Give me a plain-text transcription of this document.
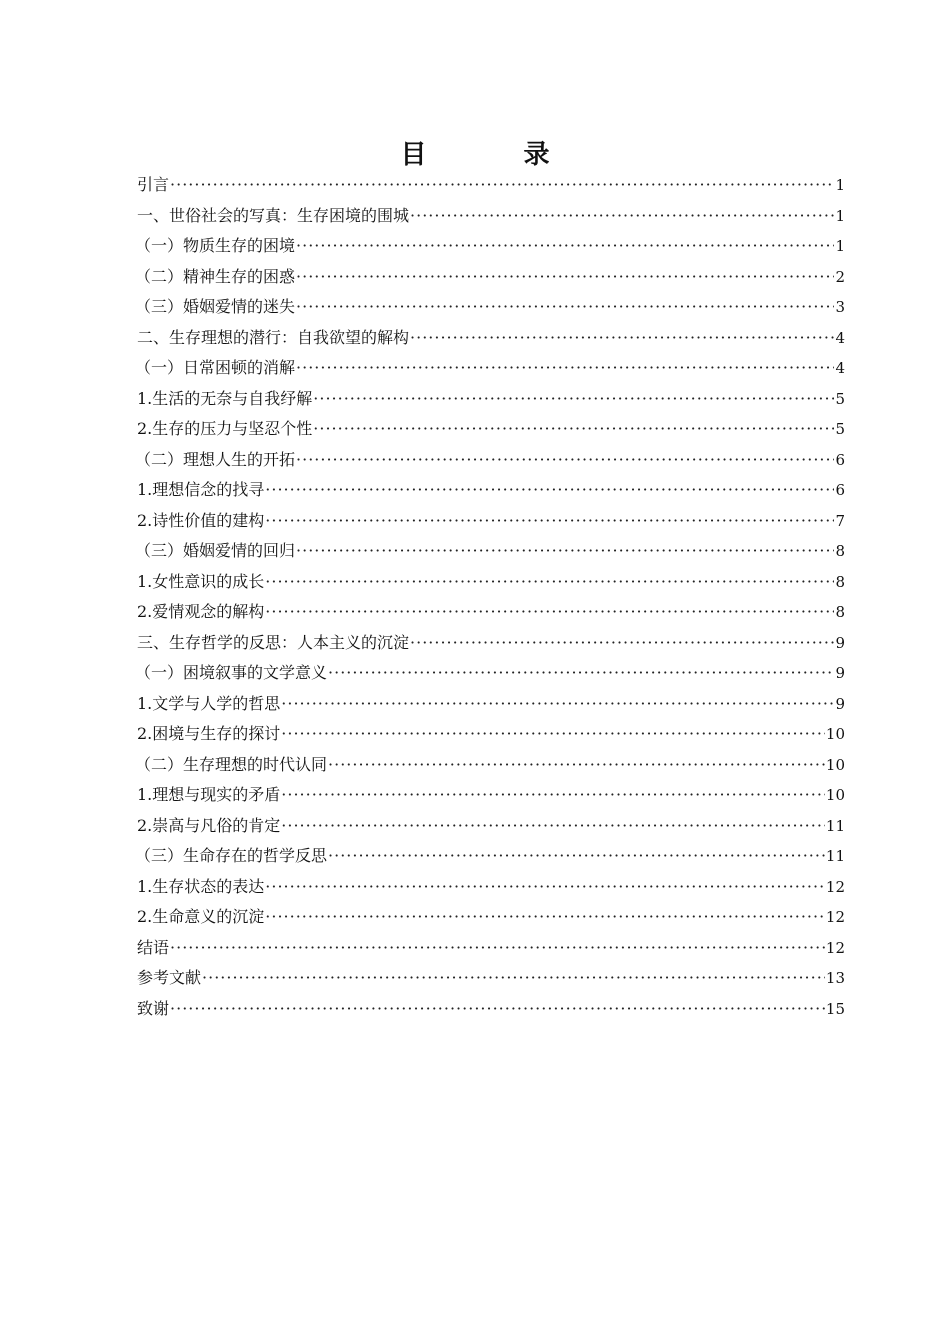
目 录
引言 ·····	1
一、世俗社会的写真：生存困境的围城 ·····	1
（一）物质生存的困境 ·····	1
（二）精神生存的困惑 ·····	2
（三）婚姻爱情的迷失 ·····	3
二、生存理想的潜行：自我欲望的解构 ·····	4
（一）日常困顿的消解 ·····	4
1.生活的无奈与自我纾解 ·····	5
2.生存的压力与坚忍个性 ·····	5
（二）理想人生的开拓 ·····	6
1.理想信念的找寻 ·····	6
2.诗性价值的建构 ·····	7
（三）婚姻爱情的回归 ·····	8
1.女性意识的成长 ·····	8
2.爱情观念的解构 ·····	8
三、生存哲学的反思：人本主义的沉淀 ·····	9
（一）困境叙事的文学意义 ·····	9
1.文学与人学的哲思 ·····	9
2.困境与生存的探讨 ·····	10
（二）生存理想的时代认同 ·····	10
1.理想与现实的矛盾 ·····	10
2.崇高与凡俗的肯定 ·····	11
（三）生命存在的哲学反思 ·····	11
1.生存状态的表达 ·····	12
2.生命意义的沉淀 ·····	12
结语 ·····	12
参考文献 ·····	13
致谢 ·····	15
